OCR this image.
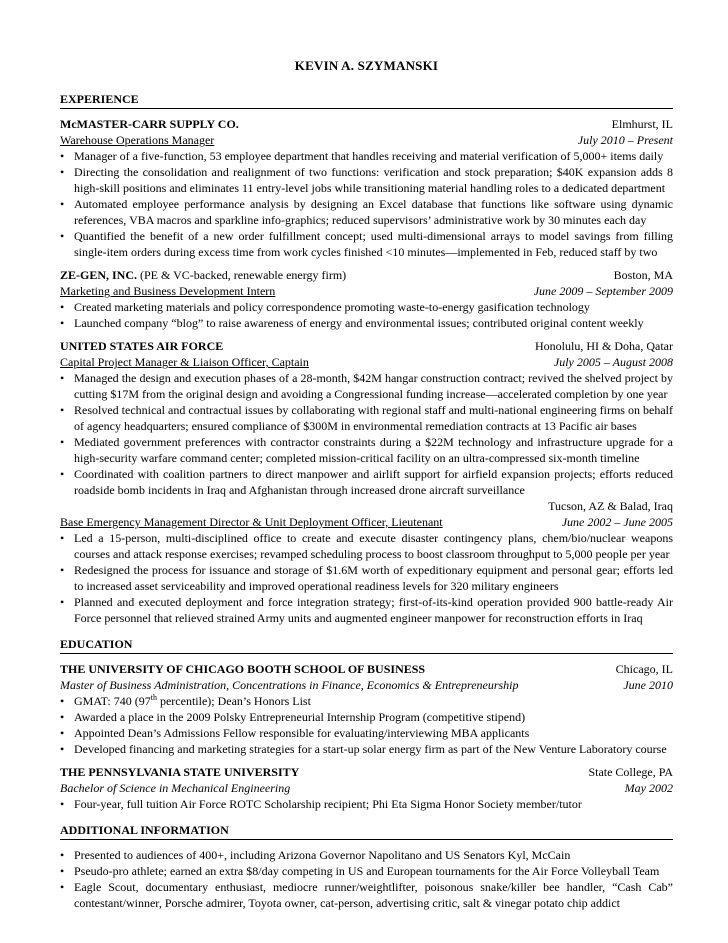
KEVIN A. SZYMANSKI
EXPERIENCE
McMASTER-CARR SUPPLY CO.	Elmhurst, IL
Warehouse Operations Manager	July 2010 – Present
• Manager of a five-function, 53 employee department that handles receiving and material verification of 5,000+ items daily
• Directing the consolidation and realignment of two functions: verification and stock preparation; $40K expansion adds 8 high-skill positions and eliminates 11 entry-level jobs while transitioning material handling roles to a dedicated department
• Automated employee performance analysis by designing an Excel database that functions like software using dynamic references, VBA macros and sparkline info-graphics; reduced supervisors’ administrative work by 30 minutes each day
• Quantified the benefit of a new order fulfillment concept; used multi-dimensional arrays to model savings from filling single-item orders during excess time from work cycles finished <10 minutes—implemented in Feb, reduced staff by two
ZE-GEN, INC. (PE & VC-backed, renewable energy firm)	Boston, MA
Marketing and Business Development Intern	June 2009 – September 2009
• Created marketing materials and policy correspondence promoting waste-to-energy gasification technology
• Launched company “blog” to raise awareness of energy and environmental issues; contributed original content weekly
UNITED STATES AIR FORCE	Honolulu, HI & Doha, Qatar
Capital Project Manager & Liaison Officer, Captain	July 2005 – August 2008
• Managed the design and execution phases of a 28-month, $42M hangar construction contract; revived the shelved project by cutting $17M from the original design and avoiding a Congressional funding increase—accelerated completion by one year
• Resolved technical and contractual issues by collaborating with regional staff and multi-national engineering firms on behalf of agency headquarters; ensured compliance of $300M in environmental remediation contracts at 13 Pacific air bases
• Mediated government preferences with contractor constraints during a $22M technology and infrastructure upgrade for a high-security warfare command center; completed mission-critical facility on an ultra-compressed six-month timeline
• Coordinated with coalition partners to direct manpower and airlift support for airfield expansion projects; efforts reduced roadside bomb incidents in Iraq and Afghanistan through increased drone aircraft surveillance
Tucson, AZ & Balad, Iraq
Base Emergency Management Director & Unit Deployment Officer, Lieutenant	June 2002 – June 2005
• Led a 15-person, multi-disciplined office to create and execute disaster contingency plans, chem/bio/nuclear weapons courses and attack response exercises; revamped scheduling process to boost classroom throughput to 5,000 people per year
• Redesigned the process for issuance and storage of $1.6M worth of expeditionary equipment and personal gear; efforts led to increased asset serviceability and improved operational readiness levels for 320 military engineers
• Planned and executed deployment and force integration strategy; first-of-its-kind operation provided 900 battle-ready Air Force personnel that relieved strained Army units and augmented engineer manpower for reconstruction efforts in Iraq
EDUCATION
THE UNIVERSITY OF CHICAGO BOOTH SCHOOL OF BUSINESS	Chicago, IL
Master of Business Administration, Concentrations in Finance, Economics & Entrepreneurship	June 2010
• GMAT: 740 (97th percentile); Dean’s Honors List
• Awarded a place in the 2009 Polsky Entrepreneurial Internship Program (competitive stipend)
• Appointed Dean’s Admissions Fellow responsible for evaluating/interviewing MBA applicants
• Developed financing and marketing strategies for a start-up solar energy firm as part of the New Venture Laboratory course
THE PENNSYLVANIA STATE UNIVERSITY	State College, PA
Bachelor of Science in Mechanical Engineering	May 2002
• Four-year, full tuition Air Force ROTC Scholarship recipient; Phi Eta Sigma Honor Society member/tutor
ADDITIONAL INFORMATION
• Presented to audiences of 400+, including Arizona Governor Napolitano and US Senators Kyl, McCain
• Pseudo-pro athlete; earned an extra $8/day competing in US and European tournaments for the Air Force Volleyball Team
• Eagle Scout, documentary enthusiast, mediocre runner/weightlifter, poisonous snake/killer bee handler, “Cash Cab” contestant/winner, Porsche admirer, Toyota owner, cat-person, advertising critic, salt & vinegar potato chip addict
